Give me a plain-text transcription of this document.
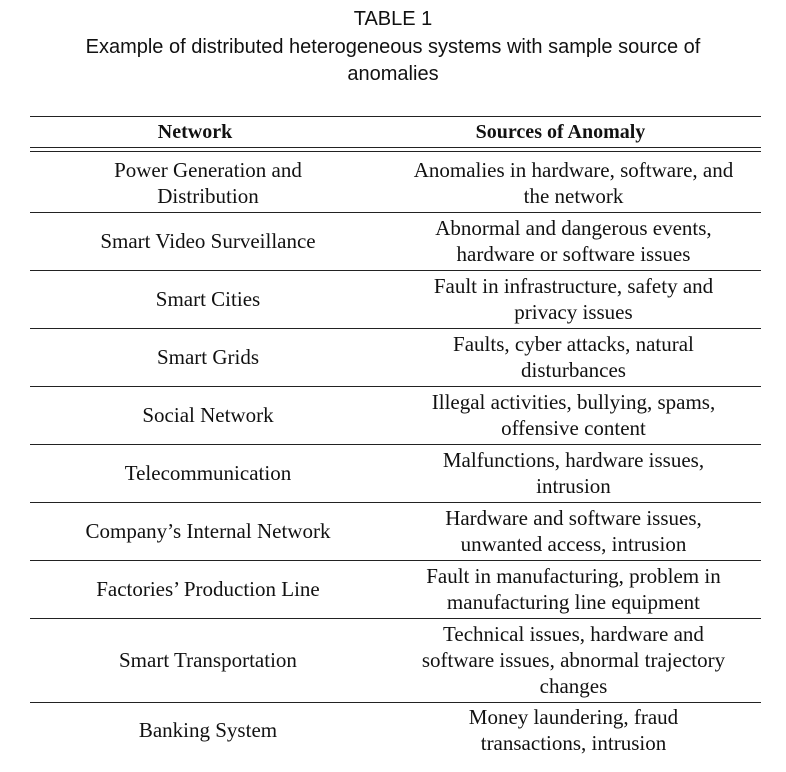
TABLE 1
Example of distributed heterogeneous systems with sample source of anomalies
Network	Sources of Anomaly
Power Generation and Distribution	Anomalies in hardware, software, and the network
Smart Video Surveillance	Abnormal and dangerous events, hardware or software issues
Smart Cities	Fault in infrastructure, safety and privacy issues
Smart Grids	Faults, cyber attacks, natural disturbances
Social Network	Illegal activities, bullying, spams, offensive content
Telecommunication	Malfunctions, hardware issues, intrusion
Company’s Internal Network	Hardware and software issues, unwanted access, intrusion
Factories’ Production Line	Fault in manufacturing, problem in manufacturing line equipment
Smart Transportation	Technical issues, hardware and software issues, abnormal trajectory changes
Banking System	Money laundering, fraud transactions, intrusion
